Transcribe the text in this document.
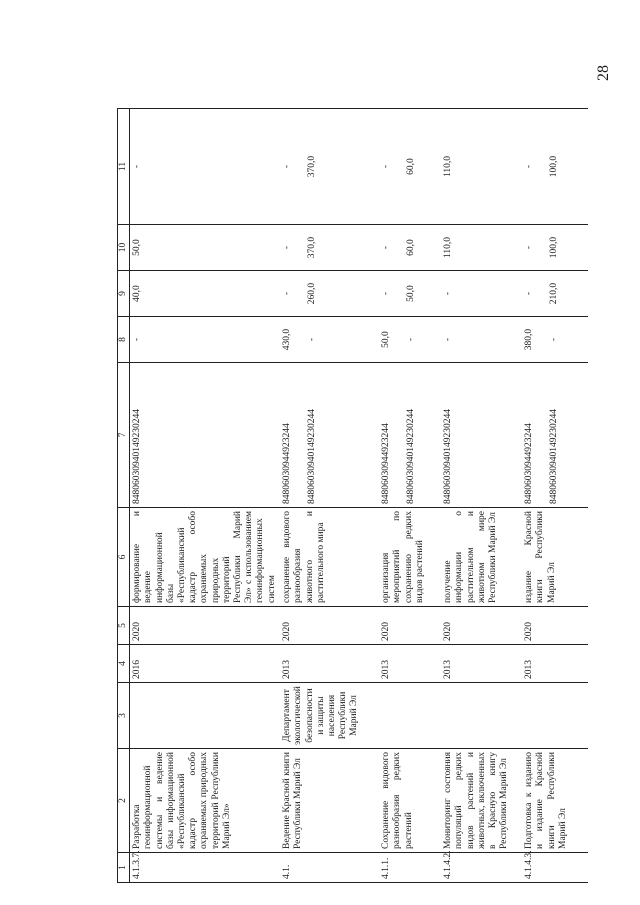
28
1	2	3	4	5	6	7	8	9	10	11
4.1.3.7.	Разработка геоинформационной системы и ведение базы информационной «Республиканский кадастр особо охраняемых природных территорий Республики Марий Эл»		2016	2020	формирование и ведение информационной базы «Республиканский кадастр особо охраняемых природных территорий Республики Марий Эл» с использованием геоинформационных систем	84806030940149230244	-	40,0	50,0	-

4.1.	Ведение Красной книги Республики Марий Эл	Департамент экологической безопасности и защиты населения Республики Марий Эл	2013	2020	сохранение видового разнообразия животного и растительного мира	84806030944923244 84806030940149230244	430,0 -	- 260,0	- 370,0	- 370,0

4.1.1.	Сохранение видового разнообразия редких растений		2013	2020	организация мероприятий по сохранению редких видов растений	84806030944923244 84806030940149230244	50,0 -	- 50,0	- 60,0	- 60,0

4.1.4.2.	Мониторинг состояния популяций редких видов растений и животных, включенных в Красную книгу Республики Марий Эл		2013	2020	получение информации о растительном и животном мире Республики Марий Эл	84806030940149230244	-	-	110,0	110,0

4.1.4.3.	Подготовка к изданию и издание Красной книги Республики Марий Эл		2013	2020	издание Красной книги Республики Марий Эл	84806030944923244 84806030940149230244	380,0 -	- 210,0	- 100,0	- 100,0
